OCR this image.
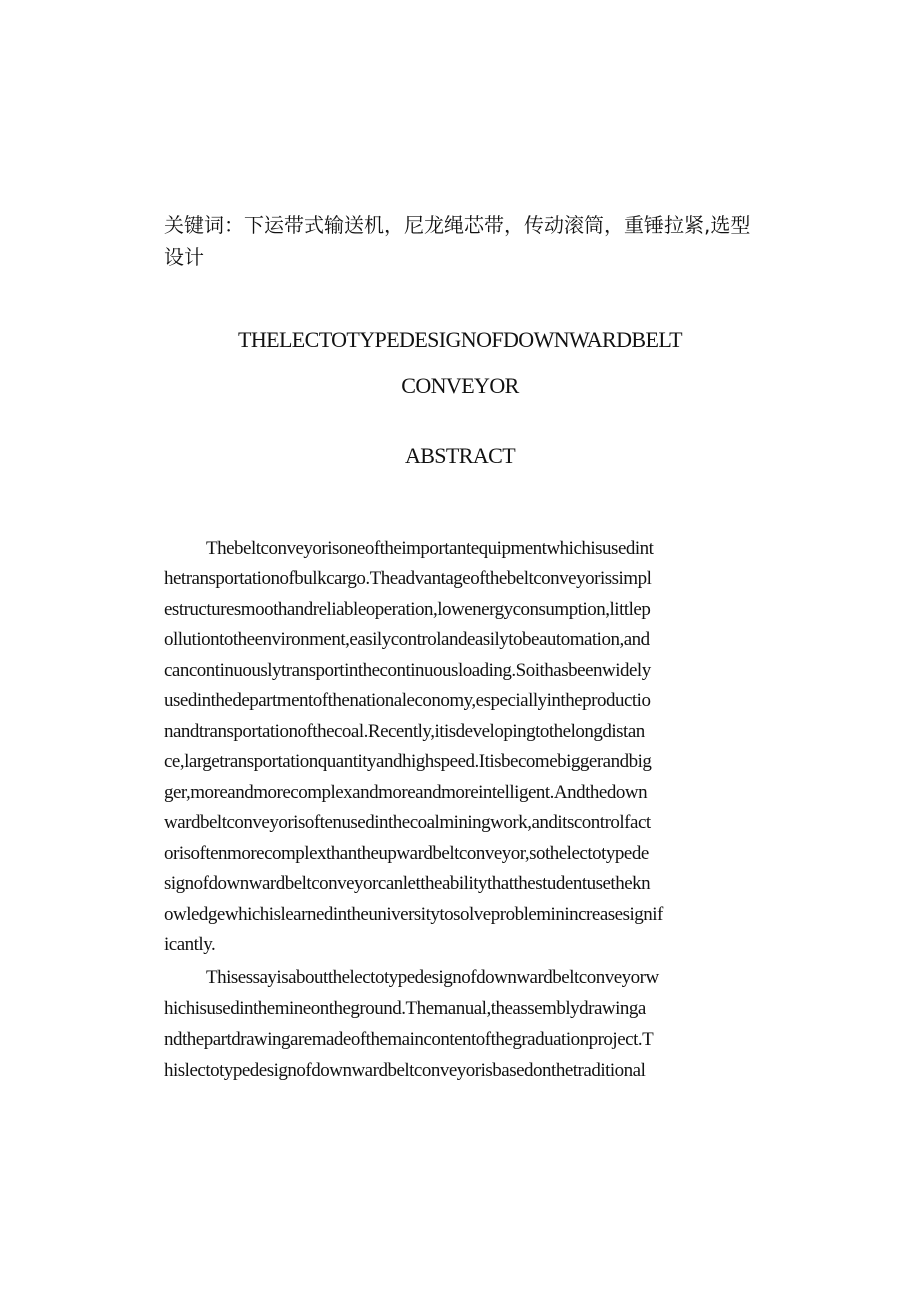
关键词：下运带式输送机，尼龙绳芯带，传动滚筒，重锤拉紧,选型
设计
THELECTOTYPEDESIGNOFDOWNWARDBELT
CONVEYOR
ABSTRACT
Thebeltconveyorisoneoftheimportantequipmentwhichisusedint
hetransportationofbulkcargo.Theadvantageofthebeltconveyorissimpl
estructuresmoothandreliableoperation,lowenergyconsumption,littlep
ollutiontotheenvironment,easilycontrolandeasilytobeautomation,and
cancontinuouslytransportinthecontinuousloading.Soithasbeenwidely
usedinthedepartmentofthenationaleconomy,especiallyintheproductio
nandtransportationofthecoal.Recently,itisdevelopingtothelongdistan
ce,largetransportationquantityandhighspeed.Itisbecomebiggerandbig
ger,moreandmorecomplexandmoreandmoreintelligent.Andthedown
wardbeltconveyorisoftenusedinthecoalminingwork,anditscontrolfact
orisoftenmorecomplexthantheupwardbeltconveyor,sothelectotypede
signofdownwardbeltconveyorcanlettheabilitythatthestudentusethekn
owledgewhichislearnedintheuniversitytosolveprobleminincreasesignif
icantly.
Thisessayisaboutthelectotypedesignofdownwardbeltconveyorw
hichisusedinthemineontheground.Themanual,theassemblydrawingа
ndthepartdrawingaremadeofthemaincontentofthegraduationproject.T
hislectotypedesignofdownwardbeltconveyorisbasedonthetraditional
